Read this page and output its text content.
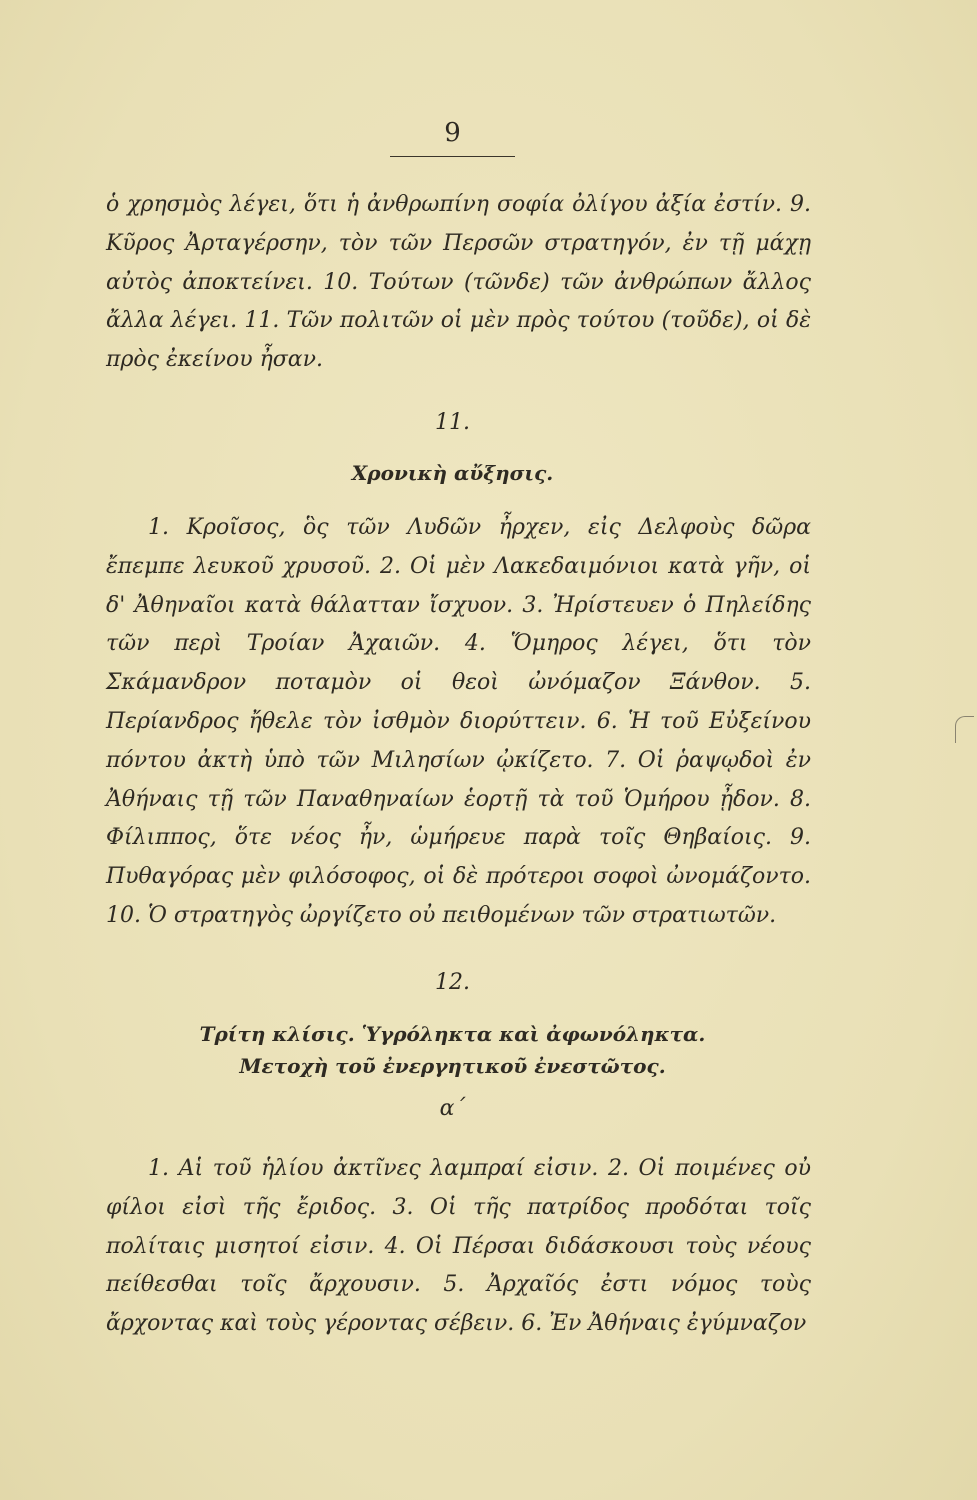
9

ὁ χρησμὸς λέγει, ὅτι ἡ ἀνθρωπίνη σοφία ὀλίγου ἀξία ἐστίν. 9. Κῦρος Ἀρταγέρσην, τὸν τῶν Περσῶν στρατηγόν, ἐν τῇ μάχῃ αὐτὸς ἀποκτείνει. 10. Τούτων (τῶνδε) τῶν ἀνθρώπων ἄλλος ἄλλα λέγει. 11. Τῶν πολιτῶν οἱ μὲν πρὸς τούτου (τοῦδε), οἱ δὲ πρὸς ἐκείνου ἦσαν.

11.
Χρονικὴ αὔξησις.

1. Κροῖσος, ὃς τῶν Λυδῶν ἦρχεν, εἰς Δελφοὺς δῶρα ἔπεμπε λευκοῦ χρυσοῦ. 2. Οἱ μὲν Λακεδαιμόνιοι κατὰ γῆν, οἱ δ' Ἀθηναῖοι κατὰ θάλατταν ἴσχυον. 3. Ἠρίστευεν ὁ Πηλείδης τῶν περὶ Τροίαν Ἀχαιῶν. 4. Ὅμηρος λέγει, ὅτι τὸν Σκάμανδρον ποταμὸν οἱ θεοὶ ὠνόμαζον Ξάνθον. 5. Περίανδρος ἤθελε τὸν ἰσθμὸν διορύττειν. 6. Ἡ τοῦ Εὐξείνου πόντου ἀκτὴ ὑπὸ τῶν Μιλησίων ᾠκίζετο. 7. Οἱ ῥαψῳδοὶ ἐν Ἀθήναις τῇ τῶν Παναθηναίων ἑορτῇ τὰ τοῦ Ὁμήρου ᾖδον. 8. Φίλιππος, ὅτε νέος ἦν, ὡμήρευε παρὰ τοῖς Θηβαίοις. 9. Πυθαγόρας μὲν φιλόσοφος, οἱ δὲ πρότεροι σοφοὶ ὠνομάζοντο. 10. Ὁ στρατηγὸς ὠργίζετο οὐ πειθομένων τῶν στρατιωτῶν.

12.
Τρίτη κλίσις. Ὑγρόληκτα καὶ ἀφωνόληκτα.
Μετοχὴ τοῦ ἐνεργητικοῦ ἐνεστῶτος.
α΄

1. Αἱ τοῦ ἡλίου ἀκτῖνες λαμπραί εἰσιν. 2. Οἱ ποιμένες οὐ φίλοι εἰσὶ τῆς ἔριδος. 3. Οἱ τῆς πατρίδος προδόται τοῖς πολίταις μισητοί εἰσιν. 4. Οἱ Πέρσαι διδάσκουσι τοὺς νέους πείθεσθαι τοῖς ἄρχουσιν. 5. Ἀρχαῖός ἐστι νόμος τοὺς ἄρχοντας καὶ τοὺς γέροντας σέβειν. 6. Ἐν Ἀθήναις ἐγύμναζον
